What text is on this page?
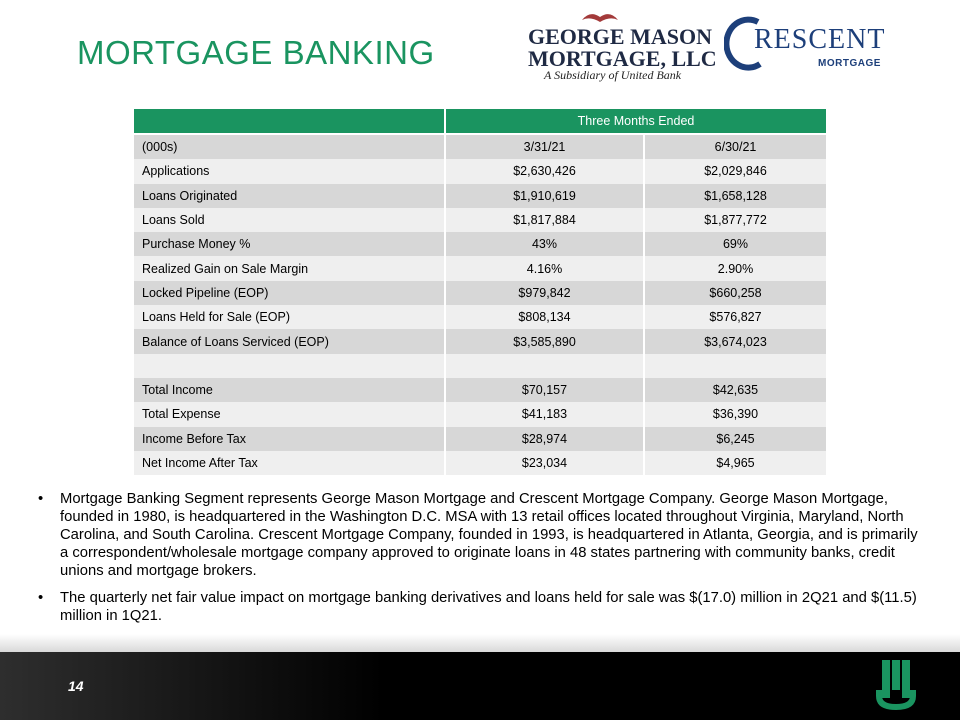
MORTGAGE BANKING	GEORGE MASON
MORTGAGE, LLC
A Subsidiary of United Bank
RESCENT
MORTGAGE
Three Months Ended
(000s)	3/31/21	6/30/21
Applications	$2,630,426	$2,029,846
Loans Originated	$1,910,619	$1,658,128
Loans Sold	$1,817,884	$1,877,772
Purchase Money %	43%	69%
Realized Gain on Sale Margin	4.16%	2.90%
Locked Pipeline (EOP)	$979,842	$660,258
Loans Held for Sale (EOP)	$808,134	$576,827
Balance of Loans Serviced (EOP)	$3,585,890	$3,674,023
Total Income	$70,157	$42,635
Total Expense	$41,183	$36,390
Income Before Tax	$28,974	$6,245
Net Income After Tax	$23,034	$4,965
•	Mortgage Banking Segment represents George Mason Mortgage and Crescent Mortgage Company. George Mason Mortgage, founded in 1980, is headquartered in the Washington D.C. MSA with 13 retail offices located throughout Virginia, Maryland, North Carolina, and South Carolina. Crescent Mortgage Company, founded in 1993, is headquartered in Atlanta, Georgia, and is primarily a correspondent/wholesale mortgage company approved to originate loans in 48 states partnering with community banks, credit unions and mortgage brokers.
•	The quarterly net fair value impact on mortgage banking derivatives and loans held for sale was $(17.0) million in 2Q21 and $(11.5) million in 1Q21.
14
